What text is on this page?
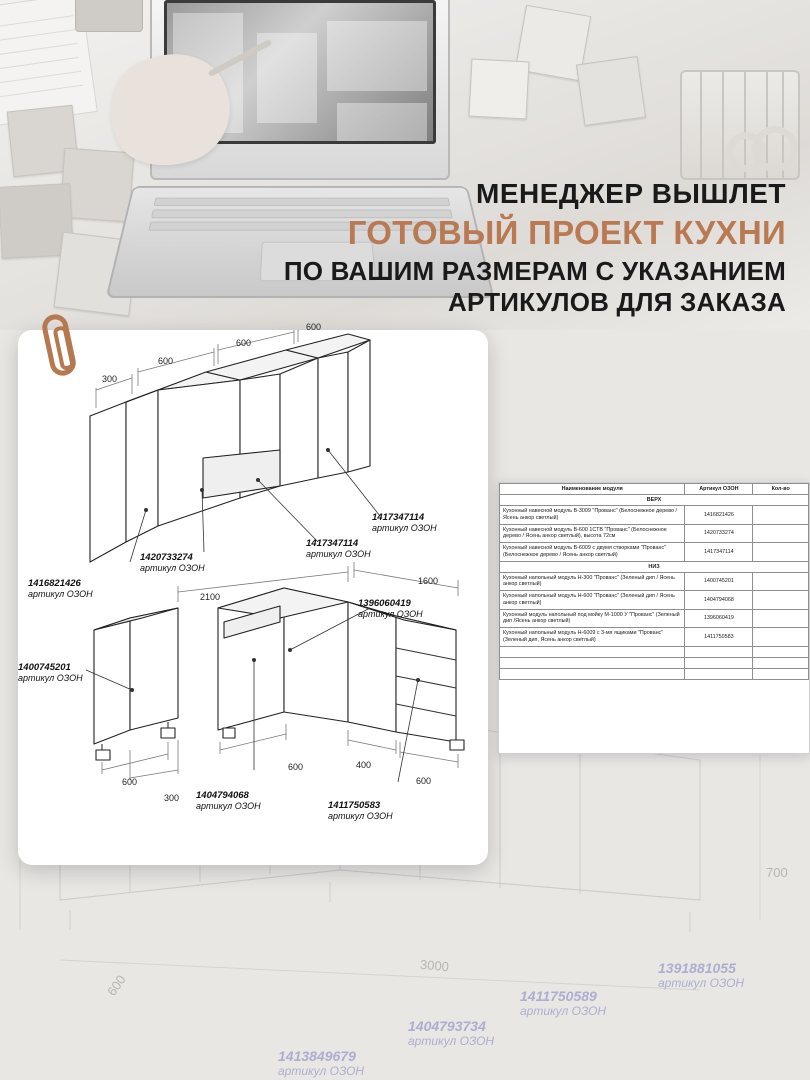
МЕНЕДЖЕР ВЫШЛЕТ
ГОТОВЫЙ ПРОЕКТ КУХНИ
ПО ВАШИМ РАЗМЕРАМ С УКАЗАНИЕМ
АРТИКУЛОВ ДЛЯ ЗАКАЗА
700
3000
600
1391881055
артикул ОЗОН
1411750589
артикул ОЗОН
1404793734
артикул ОЗОН
1413849679
артикул ОЗОН
300
600
600
600
2100
1600
600
300
600	400
600
1417347114
артикул ОЗОН
1417347114
артикул ОЗОН
1420733274
артикул ОЗОН
1416821426
артикул ОЗОН
1396060419
артикул ОЗОН
1400745201
артикул ОЗОН
1404794068
артикул ОЗОН	1411750583
артикул ОЗОН
Наименование модуля	Артикул ОЗОН	Кол-во
ВЕРХ		
Кухонный навесной модуль В-3009 "Прованс" (Белоснежное дерево / Ясень анкор светлый)	1416821426	
Кухонный навесной модуль В-600 1СТВ "Прованс" (Белоснежное дерево / Ясень анкор светлый), высота 72см	1420733274	
Кухонный навесной модуль В-6009 с двумя створками "Прованс" (Белоснежное дерево / Ясень анкор светлый)	1417347114	
НИЗ		
Кухонный напольный модуль Н-300 "Прованс" (Зеленый дип / Ясень анкор светлый)	1400745201	
Кухонный напольный модуль Н-600 "Прованс" (Зеленый дип / Ясень анкор светлый)	1404794068	
Кухонный модуль напольный под мойку М-1000 У "Прованс" (Зеленый дип /Ясень анкор светлый)	1396060419	
Кухонный напольный модуль Н-6009 с 3-мя ящиками "Прованс" (Зеленый дип, Ясень анкор светлый)	1411750583	
